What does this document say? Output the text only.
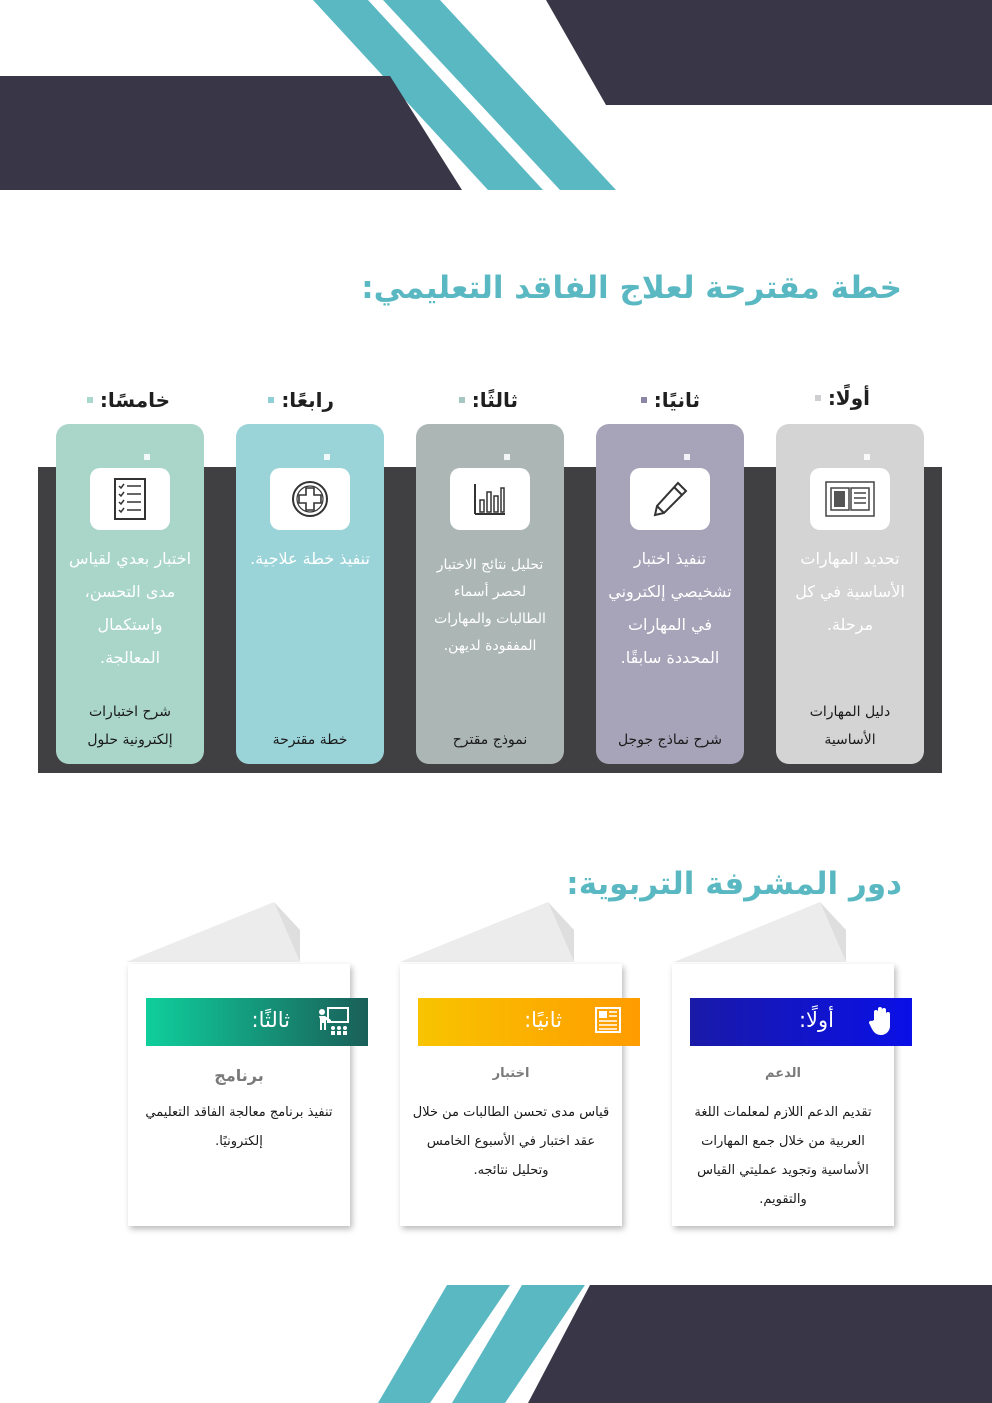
خطة مقترحة لعلاج الفاقد التعليمي:
أولًا:
ثانيًا:
ثالثًا:
رابعًا:
خامسًا:
تحديد المهارات الأساسية في كل مرحلة.
دليل المهارات الأساسية
تنفيذ اختبار تشخيصي إلكتروني في المهارات المحددة سابقًا.
شرح نماذج جوجل
تحليل نتائج الاختبار لحصر أسماء الطالبات والمهارات المفقودة لديهن.
نموذج مقترح
تنفيذ خطة علاجية.
خطة مقترحة
اختبار بعدي لقياس مدى التحسن، واستكمال المعالجة.
شرح اختبارات إلكترونية حلول
دور المشرفة التربوية:
أولًا:
الدعم
تقديم الدعم اللازم لمعلمات اللغة العربية من خلال جمع المهارات الأساسية وتجويد عمليتي القياس والتقويم.
ثانيًا:
اختبار
قياس مدى تحسن الطالبات من خلال عقد اختبار في الأسبوع الخامس وتحليل نتائجه.
ثالثًا:
برنامج
تنفيذ برنامج معالجة الفاقد التعليمي إلكترونيًا.
